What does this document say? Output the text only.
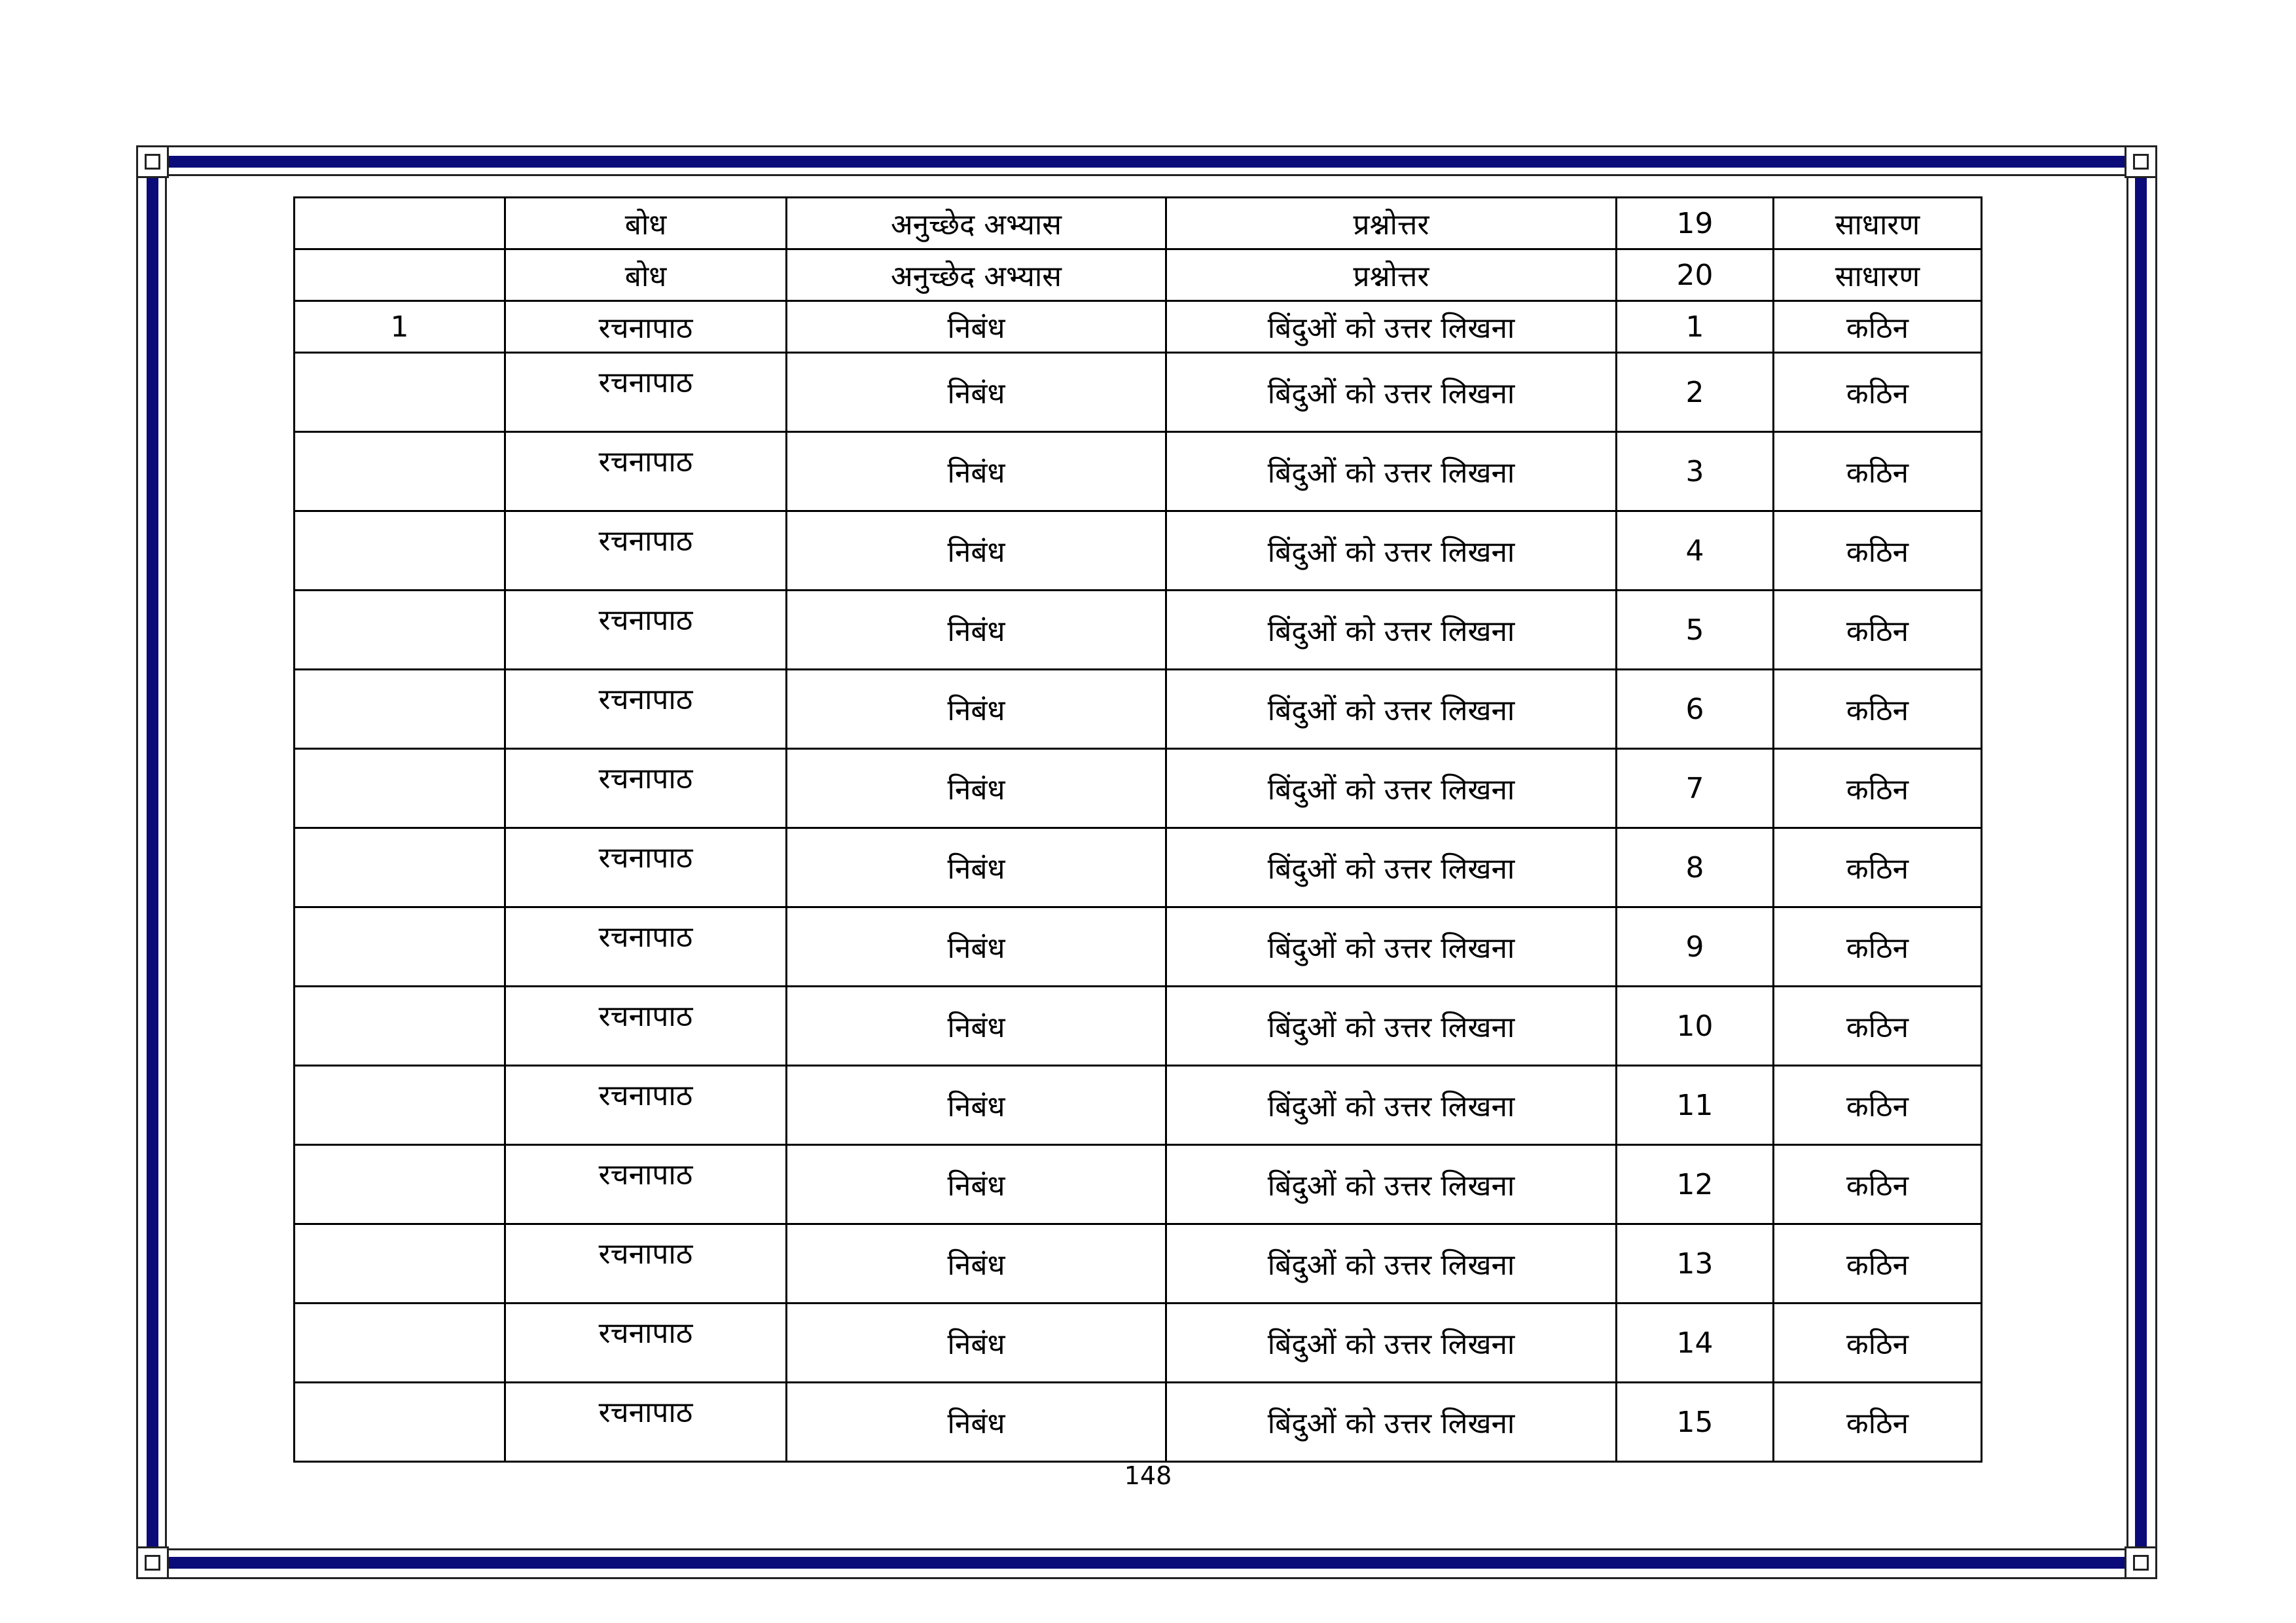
	बोध	अनुच्छेद अभ्यास	प्रश्नोत्तर	19	साधारण
	बोध	अनुच्छेद अभ्यास	प्रश्नोत्तर	20	साधारण
1	रचनापाठ	निबंध	बिंदुओं को उत्तर लिखना	1	कठिन
	रचनापाठ	निबंध	बिंदुओं को उत्तर लिखना	2	कठिन
	रचनापाठ	निबंध	बिंदुओं को उत्तर लिखना	3	कठिन
	रचनापाठ	निबंध	बिंदुओं को उत्तर लिखना	4	कठिन
	रचनापाठ	निबंध	बिंदुओं को उत्तर लिखना	5	कठिन
	रचनापाठ	निबंध	बिंदुओं को उत्तर लिखना	6	कठिन
	रचनापाठ	निबंध	बिंदुओं को उत्तर लिखना	7	कठिन
	रचनापाठ	निबंध	बिंदुओं को उत्तर लिखना	8	कठिन
	रचनापाठ	निबंध	बिंदुओं को उत्तर लिखना	9	कठिन
	रचनापाठ	निबंध	बिंदुओं को उत्तर लिखना	10	कठिन
	रचनापाठ	निबंध	बिंदुओं को उत्तर लिखना	11	कठिन
	रचनापाठ	निबंध	बिंदुओं को उत्तर लिखना	12	कठिन
	रचनापाठ	निबंध	बिंदुओं को उत्तर लिखना	13	कठिन
	रचनापाठ	निबंध	बिंदुओं को उत्तर लिखना	14	कठिन
	रचनापाठ	निबंध	बिंदुओं को उत्तर लिखना	15	कठिन
148
